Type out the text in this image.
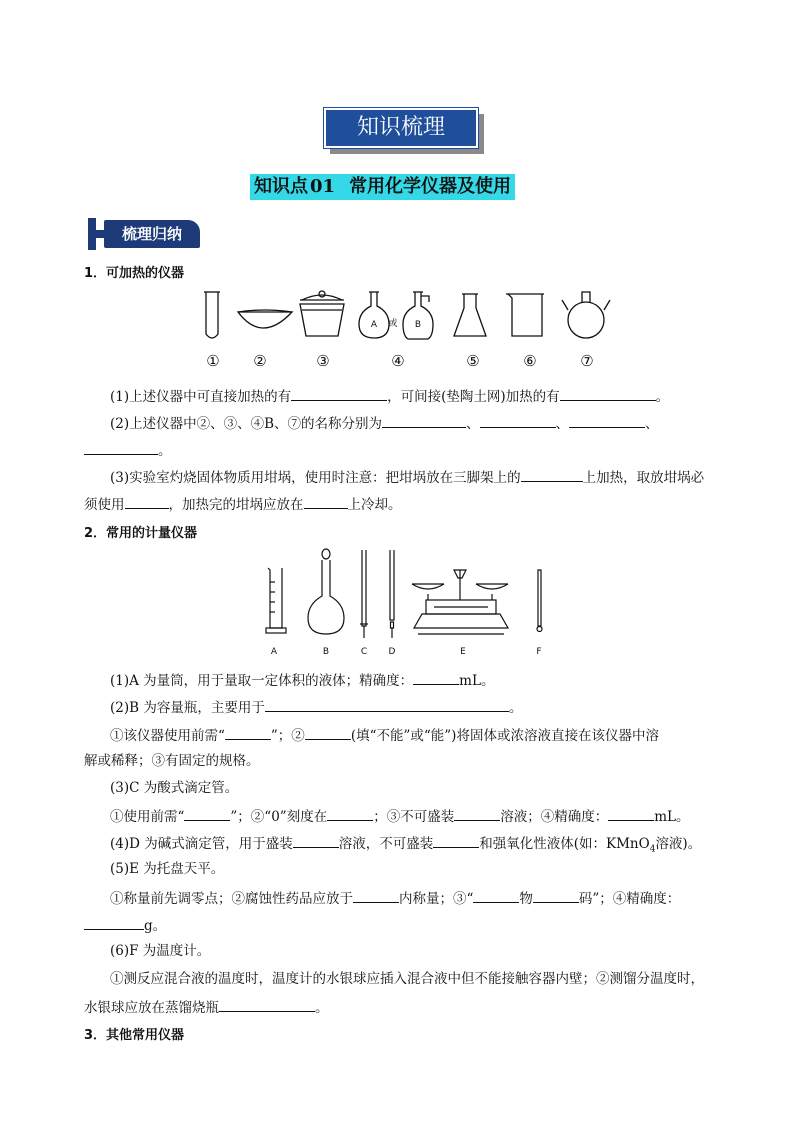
知识梳理
知识点 01 常用化学仪器及使用
梳理归纳
1．可加热的仪器
A	或	B
①	②	③	④	⑤	⑥	⑦
(1)上述仪器中可直接加热的有	，可间接(垫陶土网)加热的有	。
(2)上述仪器中②、③、④B、⑦的名称分别为	、	、	、
。
(3)实验室灼烧固体物质用坩埚，使用时注意：把坩埚放在三脚架上的	上加热，取放坩埚必
须使用	，加热完的坩埚应放在	上冷却。
2．常用的计量仪器
A	B	C	D	E	F
(1)A 为量筒，用于量取一定体积的液体；精确度：	mL。
(2)B 为容量瓶，主要用于	。
①该仪器使用前需“	”；②	(填“不能”或“能”)将固体或浓溶液直接在该仪器中溶
解或稀释；③有固定的规格。
(3)C 为酸式滴定管。
①使用前需“	”；②“0”刻度在	；③不可盛装	溶液；④精确度：	mL。
(4)D 为碱式滴定管，用于盛装	溶液，不可盛装	和强氧化性液体(如：KMnO$_4$溶液)。
(5)E 为托盘天平。
①称量前先调零点；②腐蚀性药品应放于	内称量；③“	物	码”；④精确度：
g。
(6)F 为温度计。
①测反应混合液的温度时，温度计的水银球应插入混合液中但不能接触容器内壁；②测馏分温度时，
水银球应放在蒸馏烧瓶	。
3．其他常用仪器
